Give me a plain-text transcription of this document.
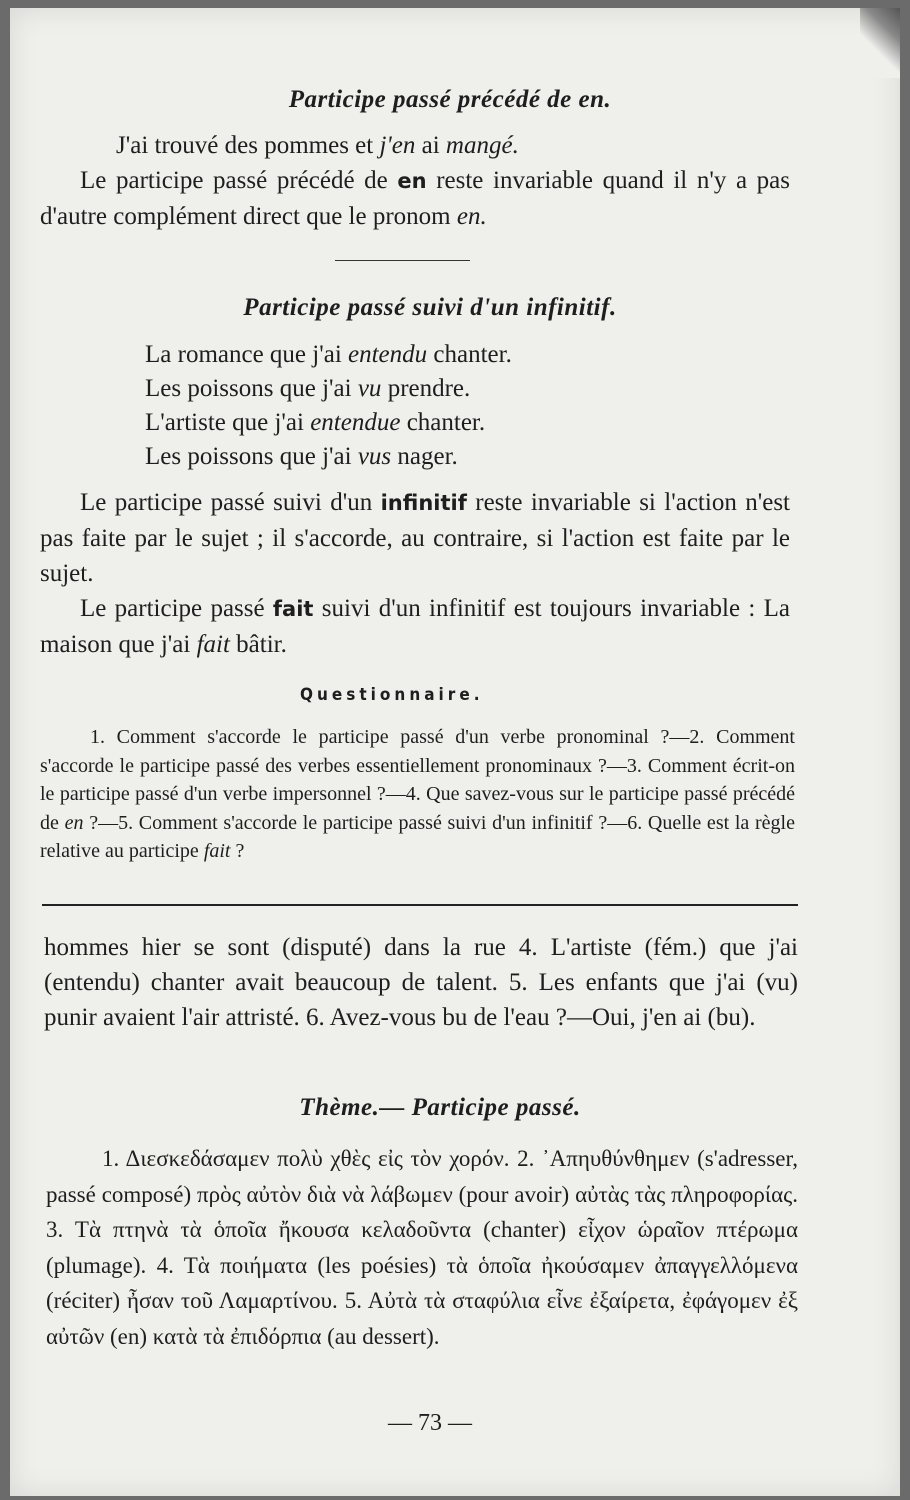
Participe passé précédé de en.

J'ai trouvé des pommes et j'en ai mangé.

Le participe passé précédé de en reste invariable quand il n'y a pas d'autre complément direct que le pronom en.

Participe passé suivi d'un infinitif.
La romance que j'ai entendu chanter.
Les poissons que j'ai vu prendre.
L'artiste que j'ai entendue chanter.
Les poissons que j'ai vus nager.

Le participe passé suivi d'un infinitif reste invariable si l'action n'est pas faite par le sujet ; il s'accorde, au contraire, si l'action est faite par le sujet.

Le participe passé fait suivi d'un infinitif est toujours invariable : La maison que j'ai fait bâtir.

Questionnaire.

1. Comment s'accorde le participe passé d'un verbe pronominal ?—2. Comment s'accorde le participe passé des verbes essentiellement pronominaux ?—3. Comment écrit-on le participe passé d'un verbe impersonnel ?—4. Que savez-vous sur le participe passé précédé de en ?—5. Comment s'accorde le participe passé suivi d'un infinitif ?—6. Quelle est la règle relative au participe fait ?

hommes hier se sont (disputé) dans la rue 4. L'artiste (fém.) que j'ai (entendu) chanter avait beaucoup de talent. 5. Les enfants que j'ai (vu) punir avaient l'air attristé. 6. Avez-vous bu de l'eau ?—Oui, j'en ai (bu).

Thème.— Participe passé.

1. Διεσκεδάσαμεν πολὺ χθὲς εἰς τὸν χορόν. 2. ᾿Απηυθύνθημεν (s'adresser, passé composé) πρὸς αὐτὸν διὰ νὰ λάβωμεν (pour avoir) αὐτὰς τὰς πληροφορίας. 3. Τὰ πτηνὰ τὰ ὁποῖα ἤκουσα κελαδοῦντα (chanter) εἶχον ὡραῖον πτέρωμα (plumage). 4. Τὰ ποιήματα (les poésies) τὰ ὁποῖα ἠκούσαμεν ἀπαγγελλόμενα (réciter) ἦσαν τοῦ Λαμαρτίνου. 5. Αὐτὰ τὰ σταφύλια εἶνε ἐξαίρετα, ἐφάγομεν ἐξ αὐτῶν (en) κατὰ τὰ ἐπιδόρπια (au dessert).

— 73 —
